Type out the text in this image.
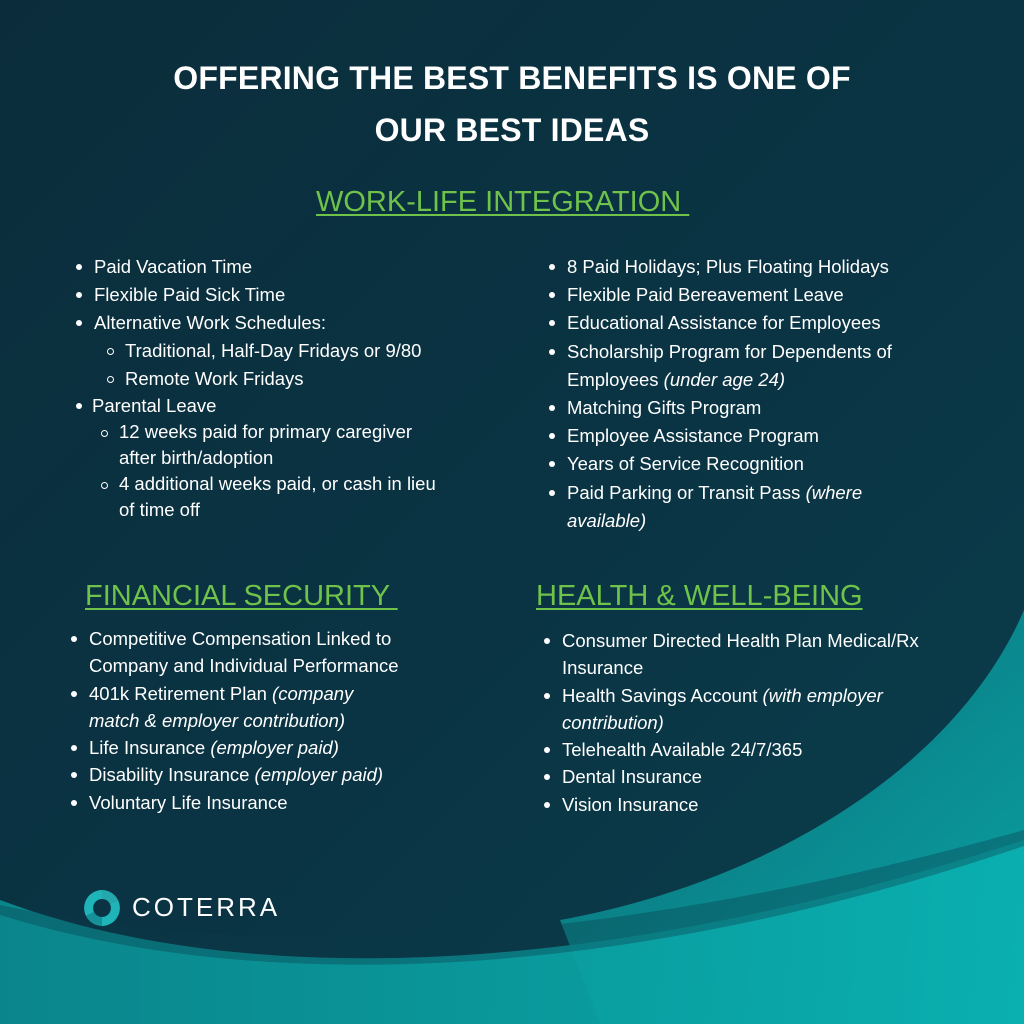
OFFERING THE BEST BENEFITS IS ONE OF
OUR BEST IDEAS
WORK-LIFE INTEGRATION
Paid Vacation Time
Flexible Paid Sick Time
Alternative Work Schedules:
Traditional, Half-Day Fridays or 9/80
Remote Work Fridays
Parental Leave
12 weeks paid for primary caregiver
after birth/adoption
4 additional weeks paid, or cash in lieu
of time off
8 Paid Holidays; Plus Floating Holidays
Flexible Paid Bereavement Leave
Educational Assistance for Employees
Scholarship Program for Dependents of
Employees (under age 24)
Matching Gifts Program
Employee Assistance Program
Years of Service Recognition
Paid Parking or Transit Pass (where
available)
FINANCIAL SECURITY
Competitive Compensation Linked to
Company and Individual Performance
401k Retirement Plan (company
match & employer contribution)
Life Insurance (employer paid)
Disability Insurance (employer paid)
Voluntary Life Insurance
HEALTH & WELL-BEING
Consumer Directed Health Plan Medical/Rx
Insurance
Health Savings Account (with employer
contribution)
Telehealth Available 24/7/365
Dental Insurance
Vision Insurance
COTERRA
